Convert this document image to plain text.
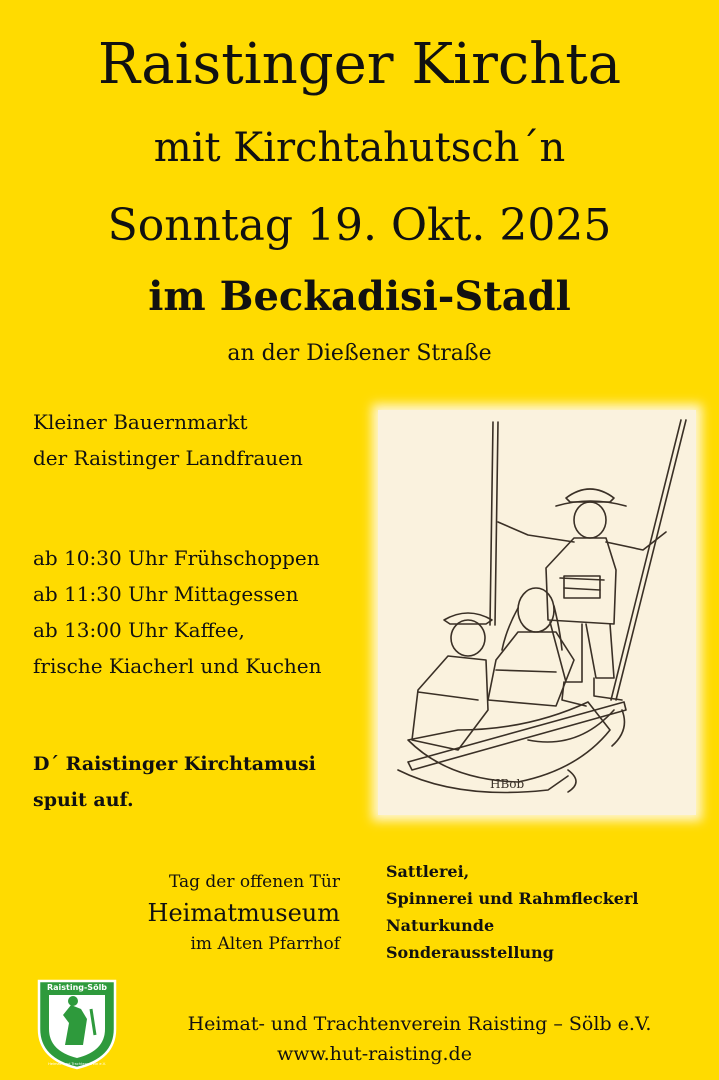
Raistinger Kirchta
mit Kirchtahutsch´n
Sonntag 19. Okt. 2025
im Beckadisi-Stadl
an der Dießener Straße
Kleiner Bauernmarkt
der Raistinger Landfrauen
ab 10:30 Uhr Frühschoppen
ab 11:30 Uhr Mittagessen
ab 13:00 Uhr Kaffee,
frische Kiacherl und Kuchen
D´ Raistinger Kirchtamusi
spuit auf.
HBob
Tag der offenen Tür
Heimatmuseum
im Alten Pfarrhof
Sattlerei,
Spinnerei und Rahmfleckerl
Naturkunde
Sonderausstellung
Raisting-Sölb
Heimat- und Trachtenverein e.V.
Heimat- und Trachtenverein Raisting – Sölb e.V.
www.hut-raisting.de
